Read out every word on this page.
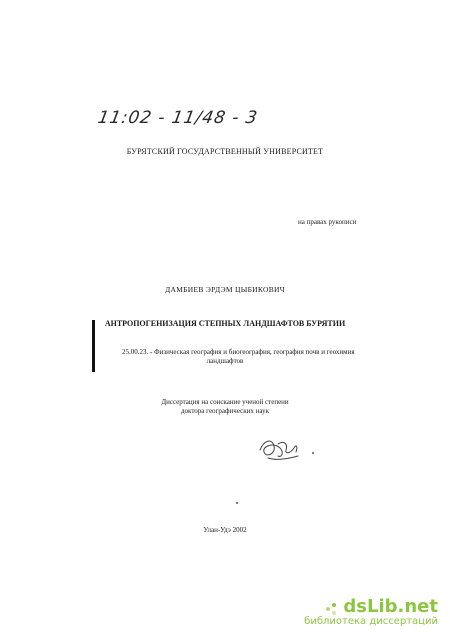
11:02 - 11/48 - 3
БУРЯТСКИЙ ГОСУДАРСТВЕННЫЙ УНИВЕРСИТЕТ
на правах рукописи
ДАМБИЕВ ЭРДЭМ ЦЫБИКОВИЧ
АНТРОПОГЕНИЗАЦИЯ СТЕПНЫХ ЛАНДШАФТОВ БУРЯТИИ
25.00.23. - Физическая география и биогеография, география почв и геохимия
ландшафтов
Диссертация на соискание ученой степени
доктора географических наук
Улан-Удэ 2002
dsLib.net
библиотека диссертаций
